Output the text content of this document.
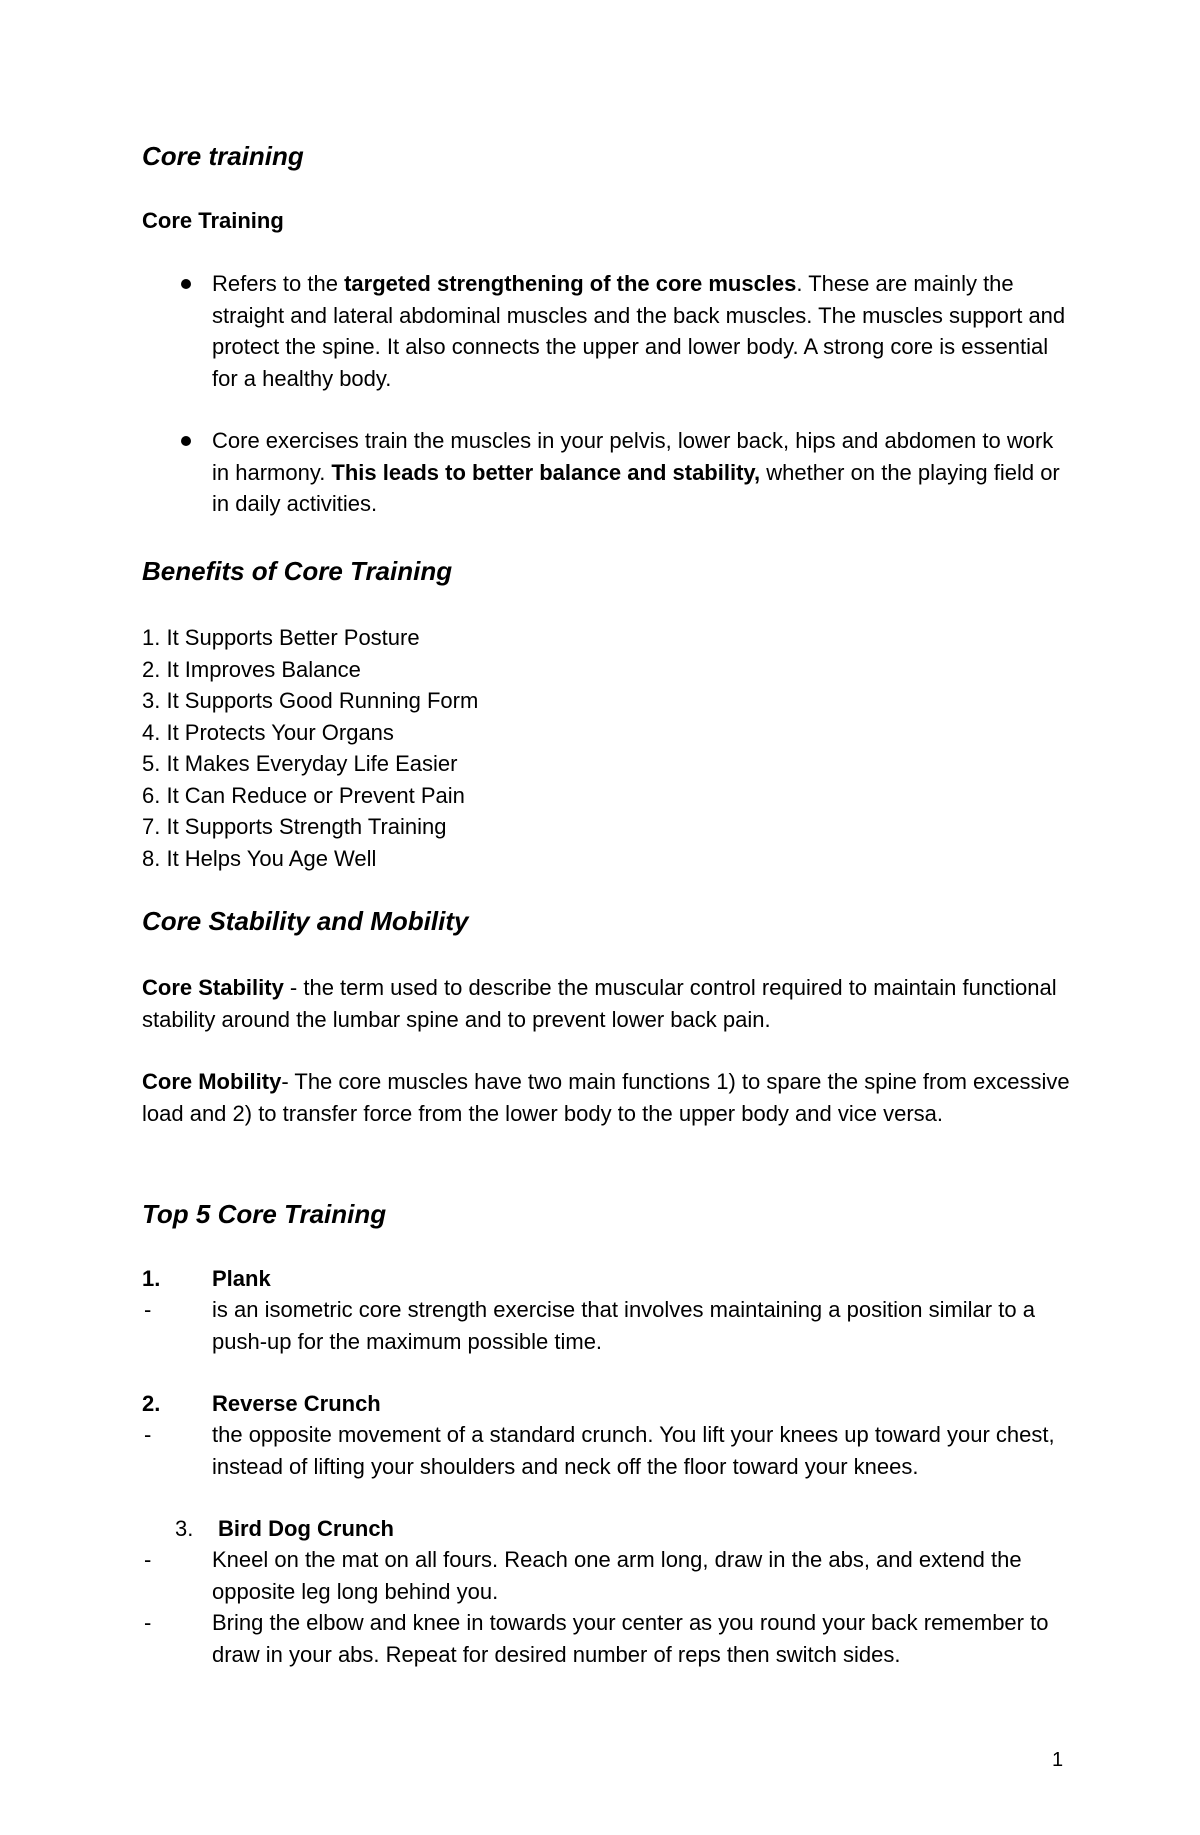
Core training
Core Training

Refers to the targeted strengthening of the core muscles. These are mainly the straight and lateral abdominal muscles and the back muscles. The muscles support and protect the spine. It also connects the upper and lower body. A strong core is essential for a healthy body.

Core exercises train the muscles in your pelvis, lower back, hips and abdomen to work in harmony. This leads to better balance and stability, whether on the playing field or in daily activities.

Benefits of Core Training
1. It Supports Better Posture
2. It Improves Balance
3. It Supports Good Running Form
4. It Protects Your Organs
5. It Makes Everyday Life Easier
6. It Can Reduce or Prevent Pain
7. It Supports Strength Training
8. It Helps You Age Well
Core Stability and Mobility

Core Stability - the term used to describe the muscular control required to maintain functional stability around the lumbar spine and to prevent lower back pain.

Core Mobility- The core muscles have two main functions 1) to spare the spine from excessive load and 2) to transfer force from the lower body to the upper body and vice versa.

Top 5 Core Training
1. Plank
-	is an isometric core strength exercise that involves maintaining a position similar to a push-up for the maximum possible time.

2. Reverse Crunch
-	the opposite movement of a standard crunch. You lift your knees up toward your chest, instead of lifting your shoulders and neck off the floor toward your knees.

3. Bird Dog Crunch
-	Kneel on the mat on all fours. Reach one arm long, draw in the abs, and extend the opposite leg long behind you.

-	Bring the elbow and knee in towards your center as you round your back remember to draw in your abs. Repeat for desired number of reps then switch sides.

1
